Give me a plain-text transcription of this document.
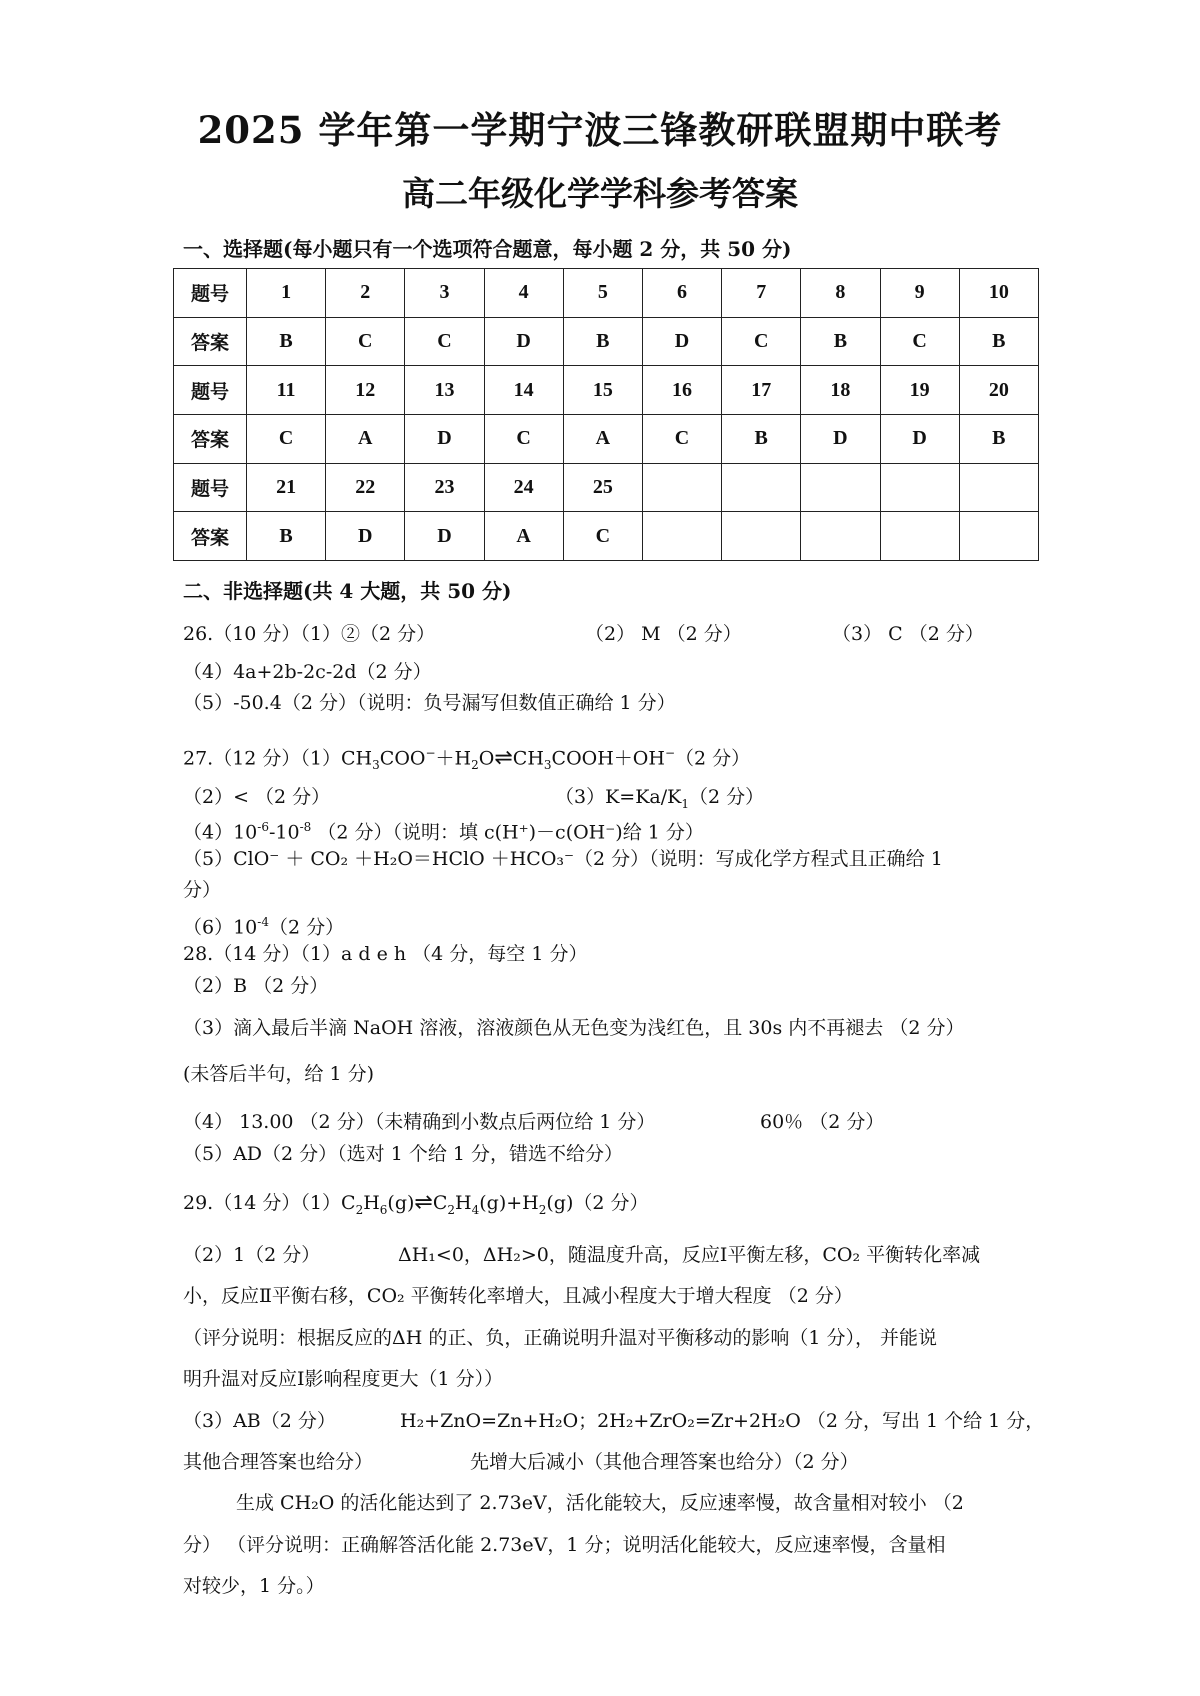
2025 学年第一学期宁波三锋教研联盟期中联考
高二年级化学学科参考答案
一、选择题(每小题只有一个选项符合题意，每小题 2 分，共 50 分)
题号	1	2	3	4	5	6	7	8	9	10
答案	B	C	C	D	B	D	C	B	C	B
题号	11	12	13	14	15	16	17	18	19	20
答案	C	A	D	C	A	C	B	D	D	B
题号	21	22	23	24	25					
答案	B	D	D	A	C					
二、非选择题(共 4 大题，共 50 分)
26.（10 分）（1）②（2 分）	（2） M （2 分）	（3） C （2 分）
（4）4a+2b-2c-2d（2 分）
（5）-50.4（2 分）（说明：负号漏写但数值正确给 1 分）
27.（12 分）$(1)CH_3COO^-+H_2O\rightleftharpoons CH_3COOH+OH^-(2$ 分）
（2）< （2 分）	$(3)K=Ka/K_1(2$ 分）
$(4)10^{-6}-10^{-8}$ （2 分）（说明：填 c(H⁺)－c(OH⁻)给 1 分）
（5）ClO⁻ ＋ CO₂ ＋H₂O＝HClO ＋HCO₃⁻（2 分）（说明：写成化学方程式且正确给 1
分）
$(6)10^{-4}(2$ 分）
28.（14 分）（1）a d e h （4 分，每空 1 分）
（2）B （2 分）
（3）滴入最后半滴 NaOH 溶液，溶液颜色从无色变为浅红色，且 30s 内不再褪去 （2 分）
(未答后半句，给 1 分)
（4） 13.00 （2 分）（未精确到小数点后两位给 1 分）	60％ （2 分）
（5）AD（2 分）（选对 1 个给 1 分，错选不给分）
29.（14 分）$(1)C_2H_6(g)\rightleftharpoons C_2H_4(g)+H_2(g)(2$ 分）
（2）1（2 分）	ΔH₁<0，ΔH₂>0，随温度升高，反应Ⅰ平衡左移，CO₂ 平衡转化率减
小，反应Ⅱ平衡右移，CO₂ 平衡转化率增大，且减小程度大于增大程度 （2 分）
（评分说明：根据反应的ΔH 的正、负，正确说明升温对平衡移动的影响（1 分）， 并能说
明升温对反应Ⅰ影响程度更大（1 分））
（3）AB（2 分）	H₂+ZnO=Zn+H₂O；2H₂+ZrO₂=Zr+2H₂O （2 分，写出 1 个给 1 分，
其他合理答案也给分）	先增大后减小（其他合理答案也给分）（2 分）
生成 CH₂O 的活化能达到了 2.73eV，活化能较大，反应速率慢，故含量相对较小 （2
分） （评分说明：正确解答活化能 2.73eV，1 分；说明活化能较大，反应速率慢，含量相
对较少，1 分。）
